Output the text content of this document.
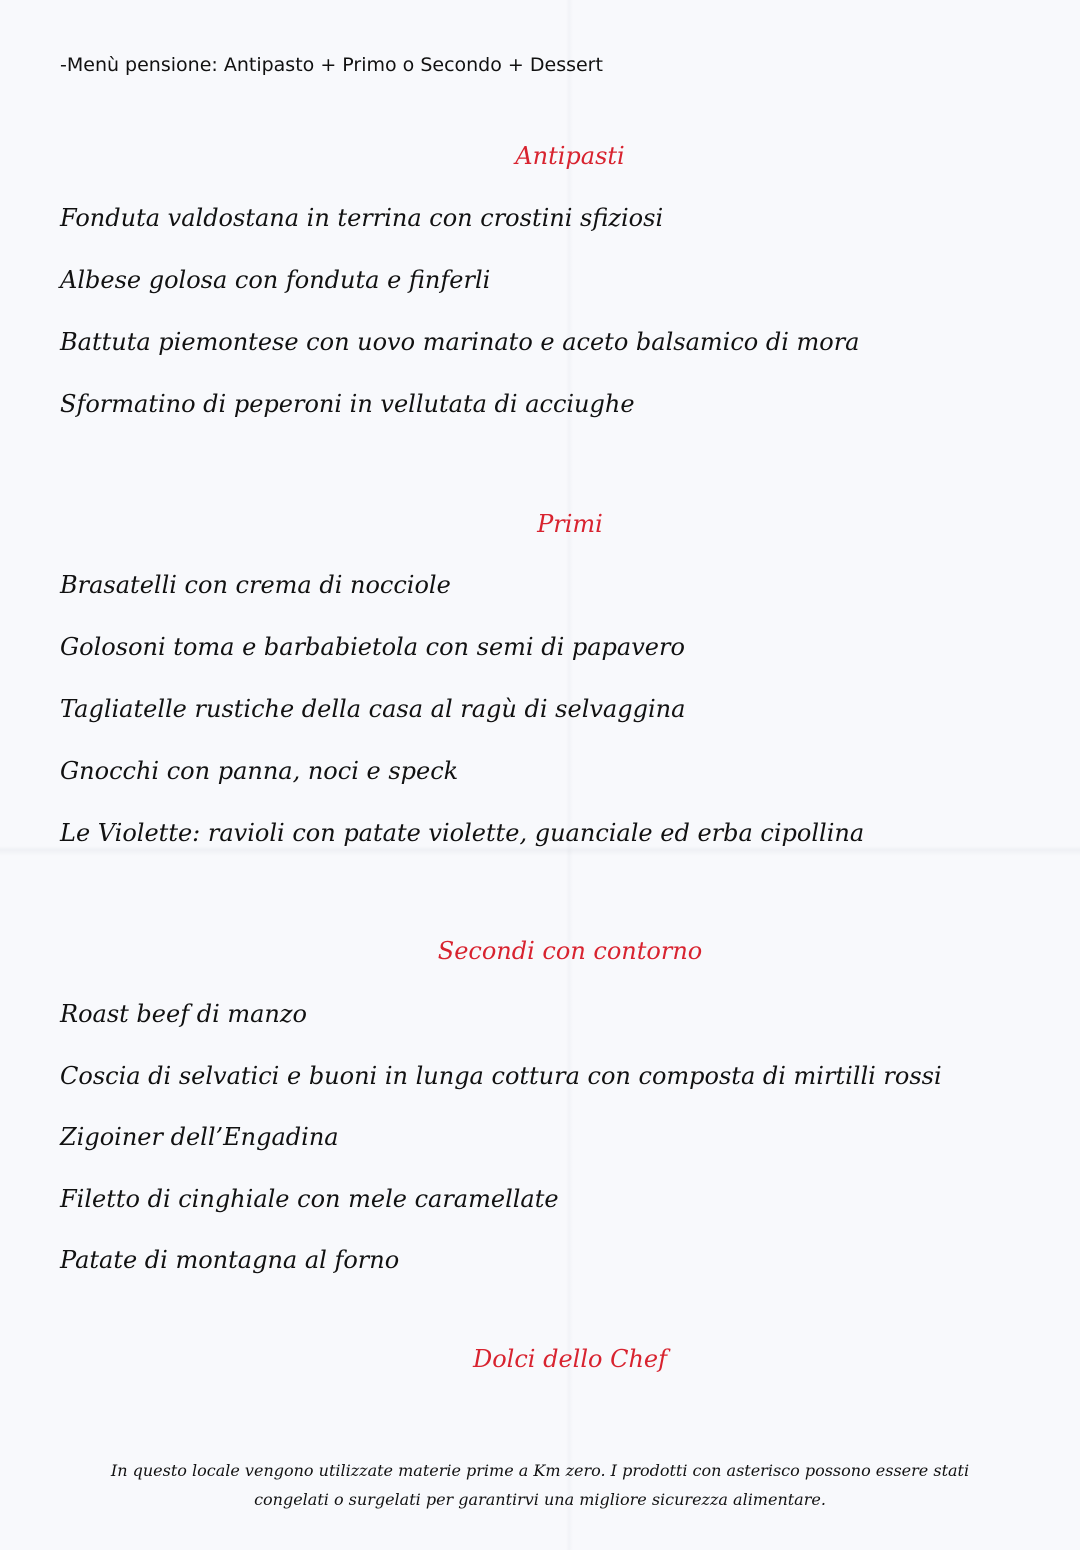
-Menù pensione: Antipasto + Primo o Secondo + Dessert
Antipasti
Fonduta valdostana in terrina con crostini sfiziosi
Albese golosa con fonduta e finferli
Battuta piemontese con uovo marinato e aceto balsamico di mora
Sformatino di peperoni in vellutata di acciughe
Primi
Brasatelli con crema di nocciole
Golosoni toma e barbabietola con semi di papavero
Tagliatelle rustiche della casa al ragù di selvaggina
Gnocchi con panna, noci e speck
Le Violette: ravioli con patate violette, guanciale ed erba cipollina
Secondi con contorno
Roast beef di manzo
Coscia di selvatici e buoni in lunga cottura con composta di mirtilli rossi
Zigoiner dell’Engadina
Filetto di cinghiale con mele caramellate
Patate di montagna al forno
Dolci dello Chef
In questo locale vengono utilizzate materie prime a Km zero. I prodotti con asterisco possono essere stati
congelati o surgelati per garantirvi una migliore sicurezza alimentare.
